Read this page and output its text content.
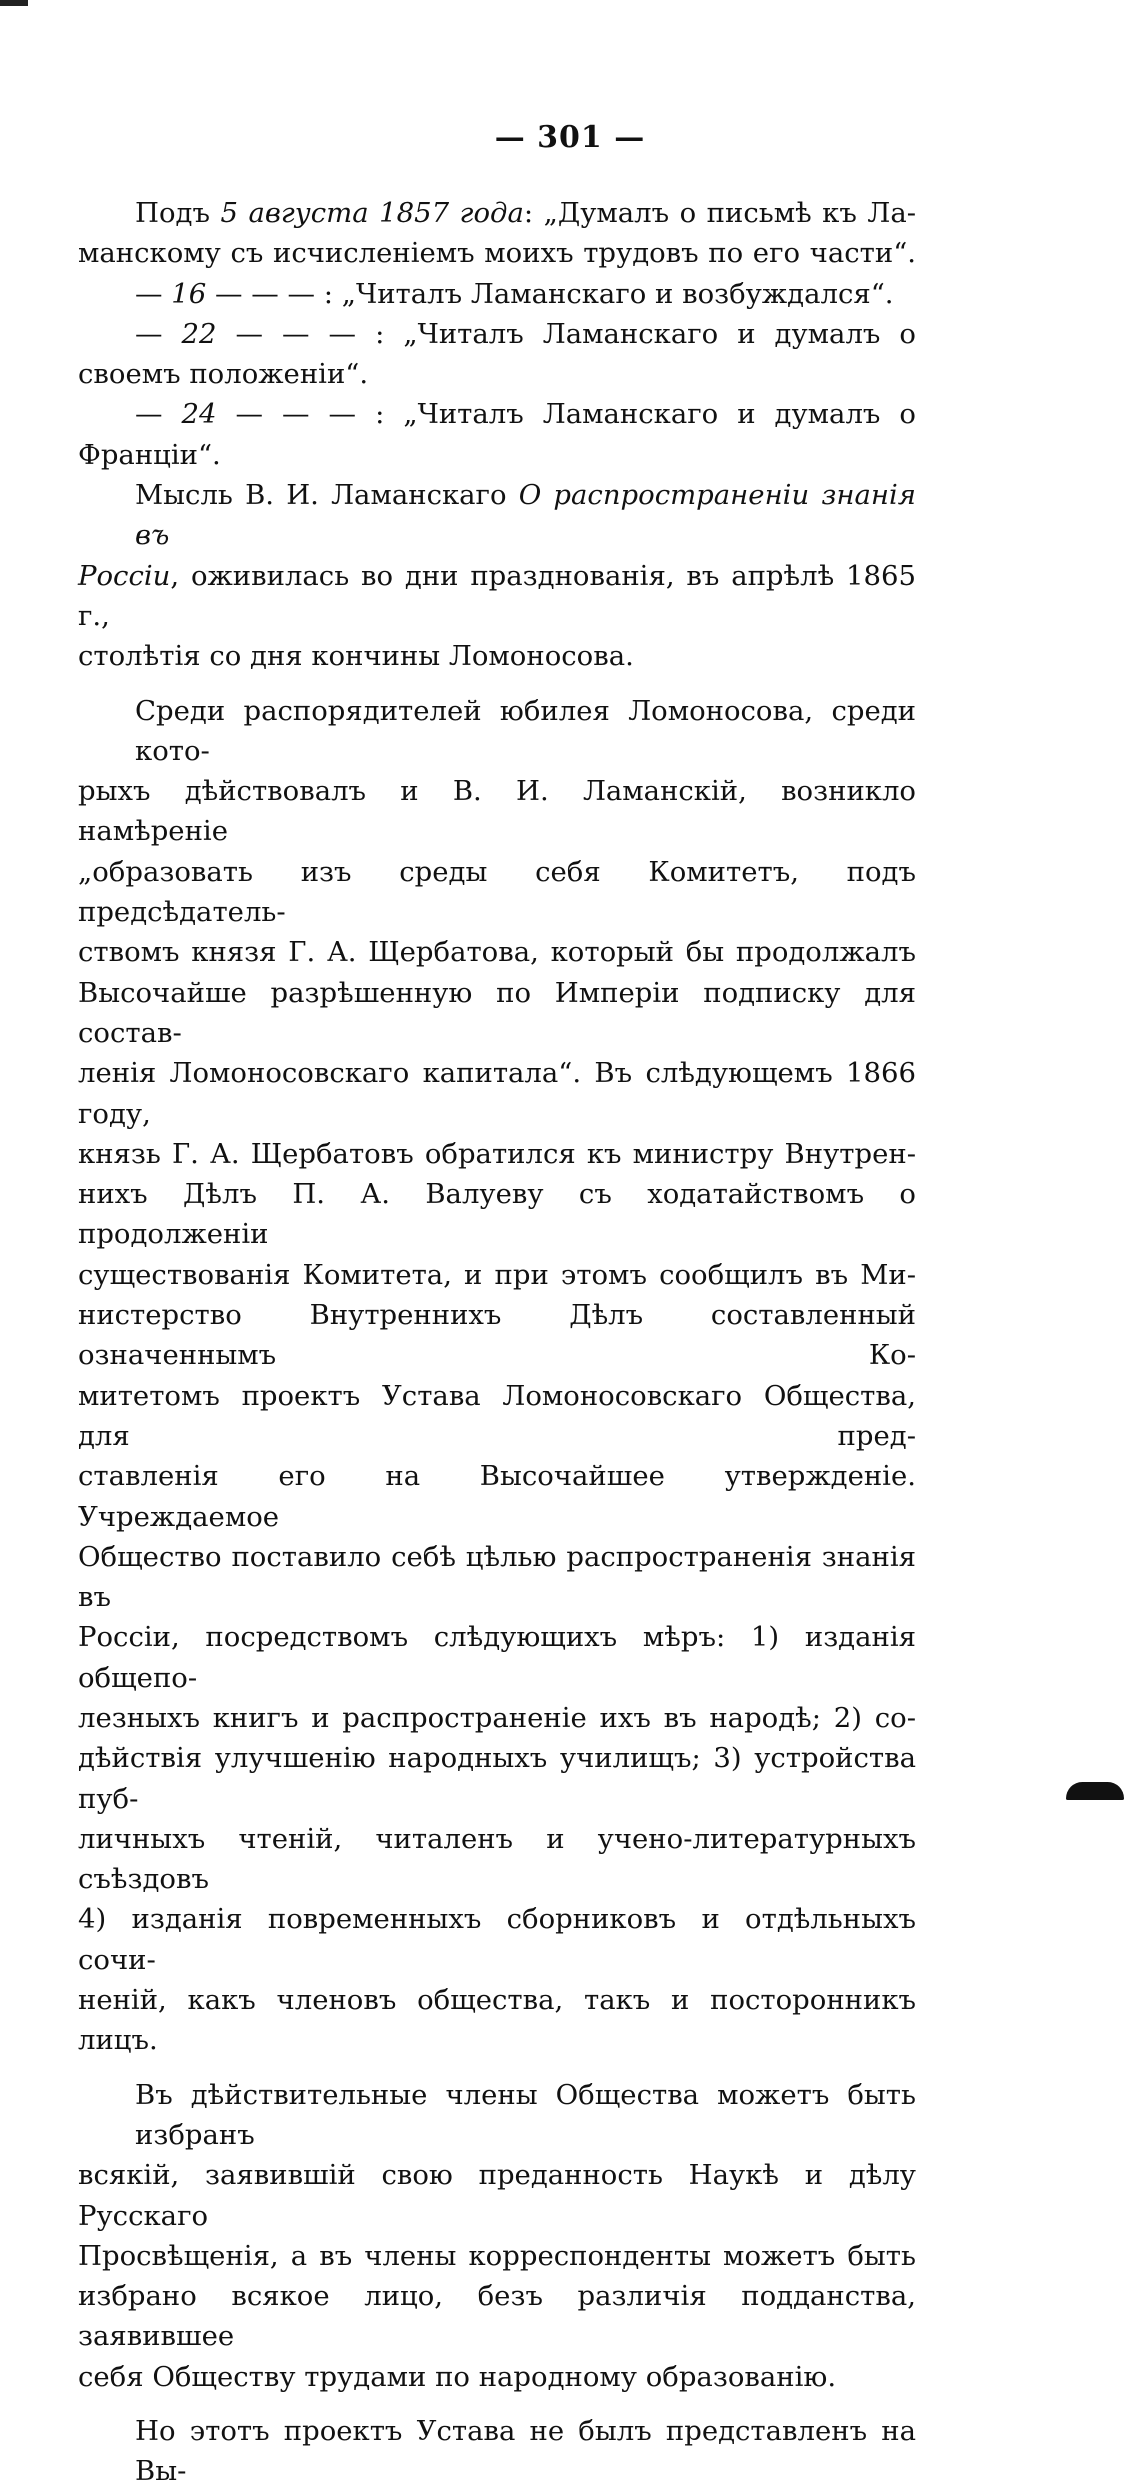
— 301 —
Подъ 5 августа 1857 года: „Думалъ о письмѣ къ Ла-
манскому съ исчисленіемъ моихъ трудовъ по его части“.
— 16 — — — : „Читалъ Ламанскаго и возбуждался“.
— 22 — — — : „Читалъ Ламанскаго и думалъ о
своемъ положеніи“.
— 24 — — — : „Читалъ Ламанскаго и думалъ о
Франціи“.
Мысль В. И. Ламанскаго О распространеніи знанія въ
Россіи, оживилась во дни празднованія, въ апрѣлѣ 1865 г.,
столѣтія со дня кончины Ломоносова.
Среди распорядителей юбилея Ломоносова, среди кото-
рыхъ дѣйствовалъ и В. И. Ламанскій, возникло намѣреніе
„образовать изъ среды себя Комитетъ, подъ предсѣдатель-
ствомъ князя Г. А. Щербатова, который бы продолжалъ
Высочайше разрѣшенную по Имперіи подписку для состав-
ленія Ломоносовскаго капитала“. Въ слѣдующемъ 1866 году,
князь Г. А. Щербатовъ обратился къ министру Внутрен-
нихъ Дѣлъ П. А. Валуеву съ ходатайствомъ о продолженіи
существованія Комитета, и при этомъ сообщилъ въ Ми-
нистерство Внутреннихъ Дѣлъ составленный означеннымъ Ко-
митетомъ проектъ Устава Ломоносовскаго Общества, для пред-
ставленія его на Высочайшее утвержденіе. Учреждаемое
Общество поставило себѣ цѣлью распространенія знанія въ
Россіи, посредствомъ слѣдующихъ мѣръ: 1) изданія общепо-
лезныхъ книгъ и распространеніе ихъ въ народѣ; 2) со-
дѣйствія улучшенію народныхъ училищъ; 3) устройства пуб-
личныхъ чтеній, читаленъ и учено-литературныхъ съѣздовъ
4) изданія повременныхъ сборниковъ и отдѣльныхъ сочи-
неній, какъ членовъ общества, такъ и посторонникъ лицъ.
Въ дѣйствительные члены Общества можетъ быть избранъ
всякій, заявившій свою преданность Наукѣ и дѣлу Русскаго
Просвѣщенія, а въ члены корреспонденты можетъ быть
избрано всякое лицо, безъ различія подданства, заявившее
себя Обществу трудами по народному образованію.
Но этотъ проектъ Устава не былъ представленъ на Вы-
